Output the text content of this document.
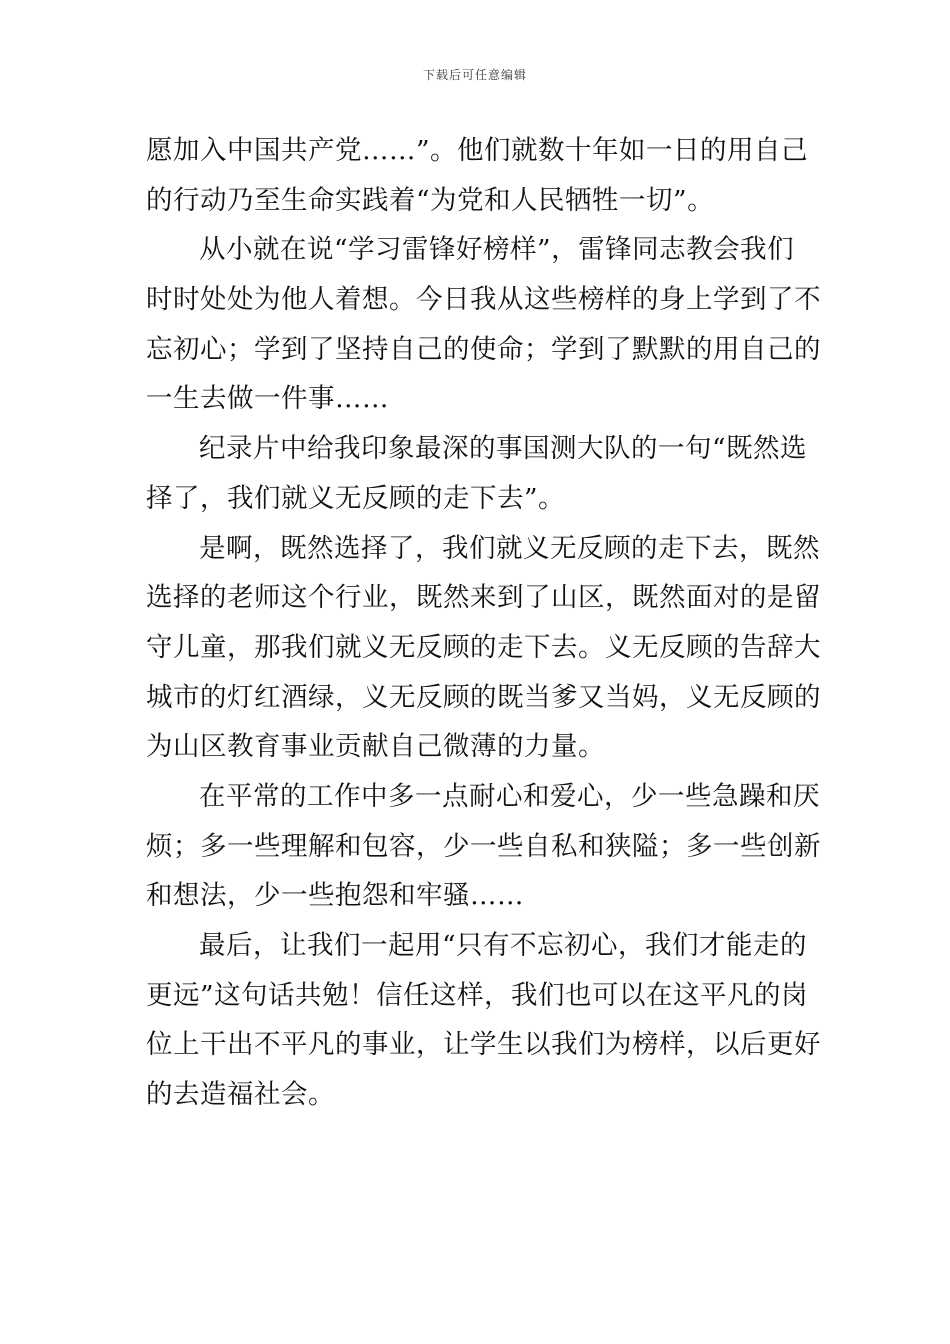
下载后可任意编辑
愿加入中国共产党……”。他们就数十年如一日的用自己
的行动乃至生命实践着“为党和人民牺牲一切”。
从小就在说“学习雷锋好榜样”，雷锋同志教会我们
时时处处为他人着想。今日我从这些榜样的身上学到了不
忘初心；学到了坚持自己的使命；学到了默默的用自己的
一生去做一件事……
纪录片中给我印象最深的事国测大队的一句“既然选
择了，我们就义无反顾的走下去”。
是啊，既然选择了，我们就义无反顾的走下去，既然
选择的老师这个行业，既然来到了山区，既然面对的是留
守儿童，那我们就义无反顾的走下去。义无反顾的告辞大
城市的灯红酒绿，义无反顾的既当爹又当妈，义无反顾的
为山区教育事业贡献自己微薄的力量。
在平常的工作中多一点耐心和爱心，少一些急躁和厌
烦；多一些理解和包容，少一些自私和狭隘；多一些创新
和想法，少一些抱怨和牢骚……
最后，让我们一起用“只有不忘初心，我们才能走的
更远”这句话共勉！信任这样，我们也可以在这平凡的岗
位上干出不平凡的事业，让学生以我们为榜样，以后更好
的去造福社会。
